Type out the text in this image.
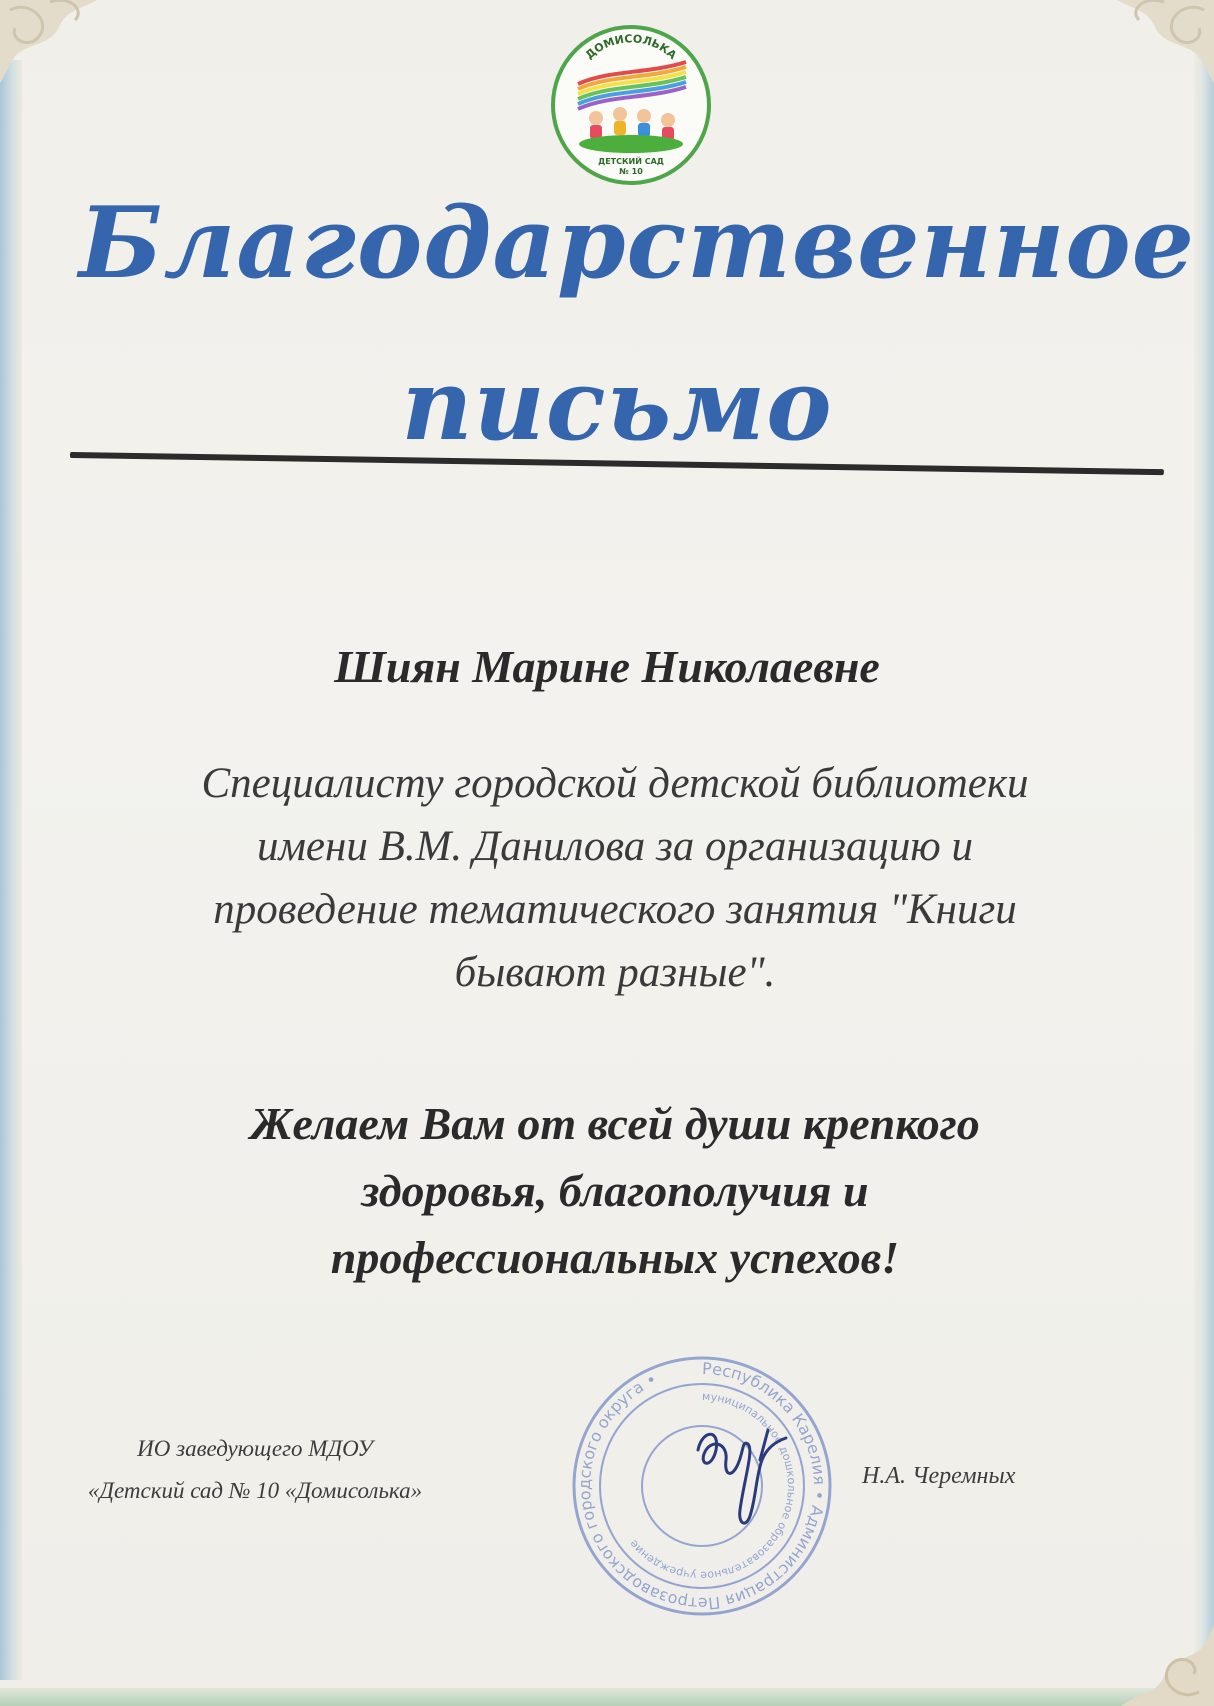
ДОМИСОЛЬКА
ДЕТСКИЙ САД
№ 10
Благодарственное
письмо
Шиян Марине Николаевне
Специалисту городской детской библиотеки
имени В.М. Данилова за организацию и
проведение тематического занятия "Книги
бывают разные".
Желаем Вам от всей души крепкого
здоровья, благополучия и
профессиональных успехов!
ИО заведующего МДОУ
«Детский сад № 10 «Домисолька»
Республика Карелия • Администрация Петрозаводского городского округа •
муниципальное дошкольное образовательное учреждение
Н.А. Черемных
